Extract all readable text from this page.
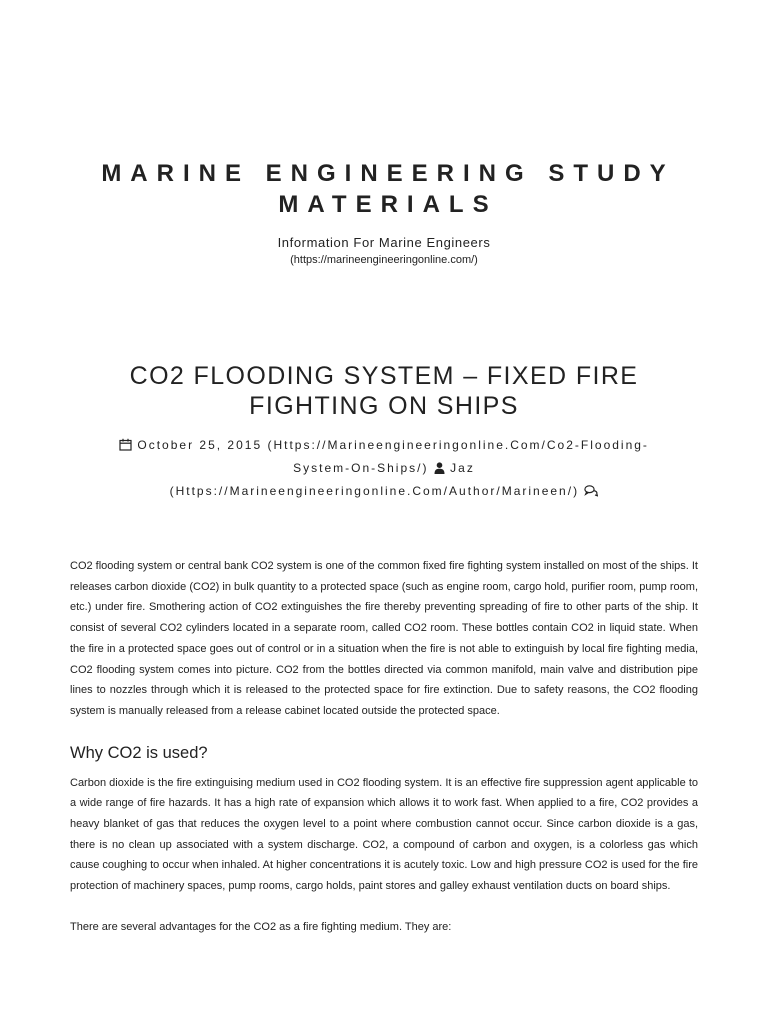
MARINE ENGINEERING STUDY MATERIALS
Information For Marine Engineers
(https://marineengineeringonline.com/)
CO2 FLOODING SYSTEM – FIXED FIRE FIGHTING ON SHIPS
October 25, 2015 (Https://Marineengineeringonline.Com/Co2-Flooding-System-On-Ships/) Jaz (Https://Marineengineeringonline.Com/Author/Marineen/)

CO2 flooding system or central bank CO2 system is one of the common fixed fire fighting system installed on most of the ships. It releases carbon dioxide (CO2) in bulk quantity to a protected space (such as engine room, cargo hold, purifier room, pump room, etc.) under fire. Smothering action of CO2 extinguishes the fire thereby preventing spreading of fire to other parts of the ship. It consist of several CO2 cylinders located in a separate room, called CO2 room. These bottles contain CO2 in liquid state. When the fire in a protected space goes out of control or in a situation when the fire is not able to extinguish by local fire fighting media, CO2 flooding system comes into picture. CO2 from the bottles directed via common manifold, main valve and distribution pipe lines to nozzles through which it is released to the protected space for fire extinction. Due to safety reasons, the CO2 flooding system is manually released from a release cabinet located outside the protected space.

Why CO2 is used?

Carbon dioxide is the fire extinguising medium used in CO2 flooding system. It is an effective fire suppression agent applicable to a wide range of fire hazards. It has a high rate of expansion which allows it to work fast. When applied to a fire, CO2 provides a heavy blanket of gas that reduces the oxygen level to a point where combustion cannot occur. Since carbon dioxide is a gas, there is no clean up associated with a system discharge. CO2, a compound of carbon and oxygen, is a colorless gas which cause coughing to occur when inhaled. At higher concentrations it is acutely toxic. Low and high pressure CO2 is used for the fire protection of machinery spaces, pump rooms, cargo holds, paint stores and galley exhaust ventilation ducts on board ships.

There are several advantages for the CO2 as a fire fighting medium. They are:
